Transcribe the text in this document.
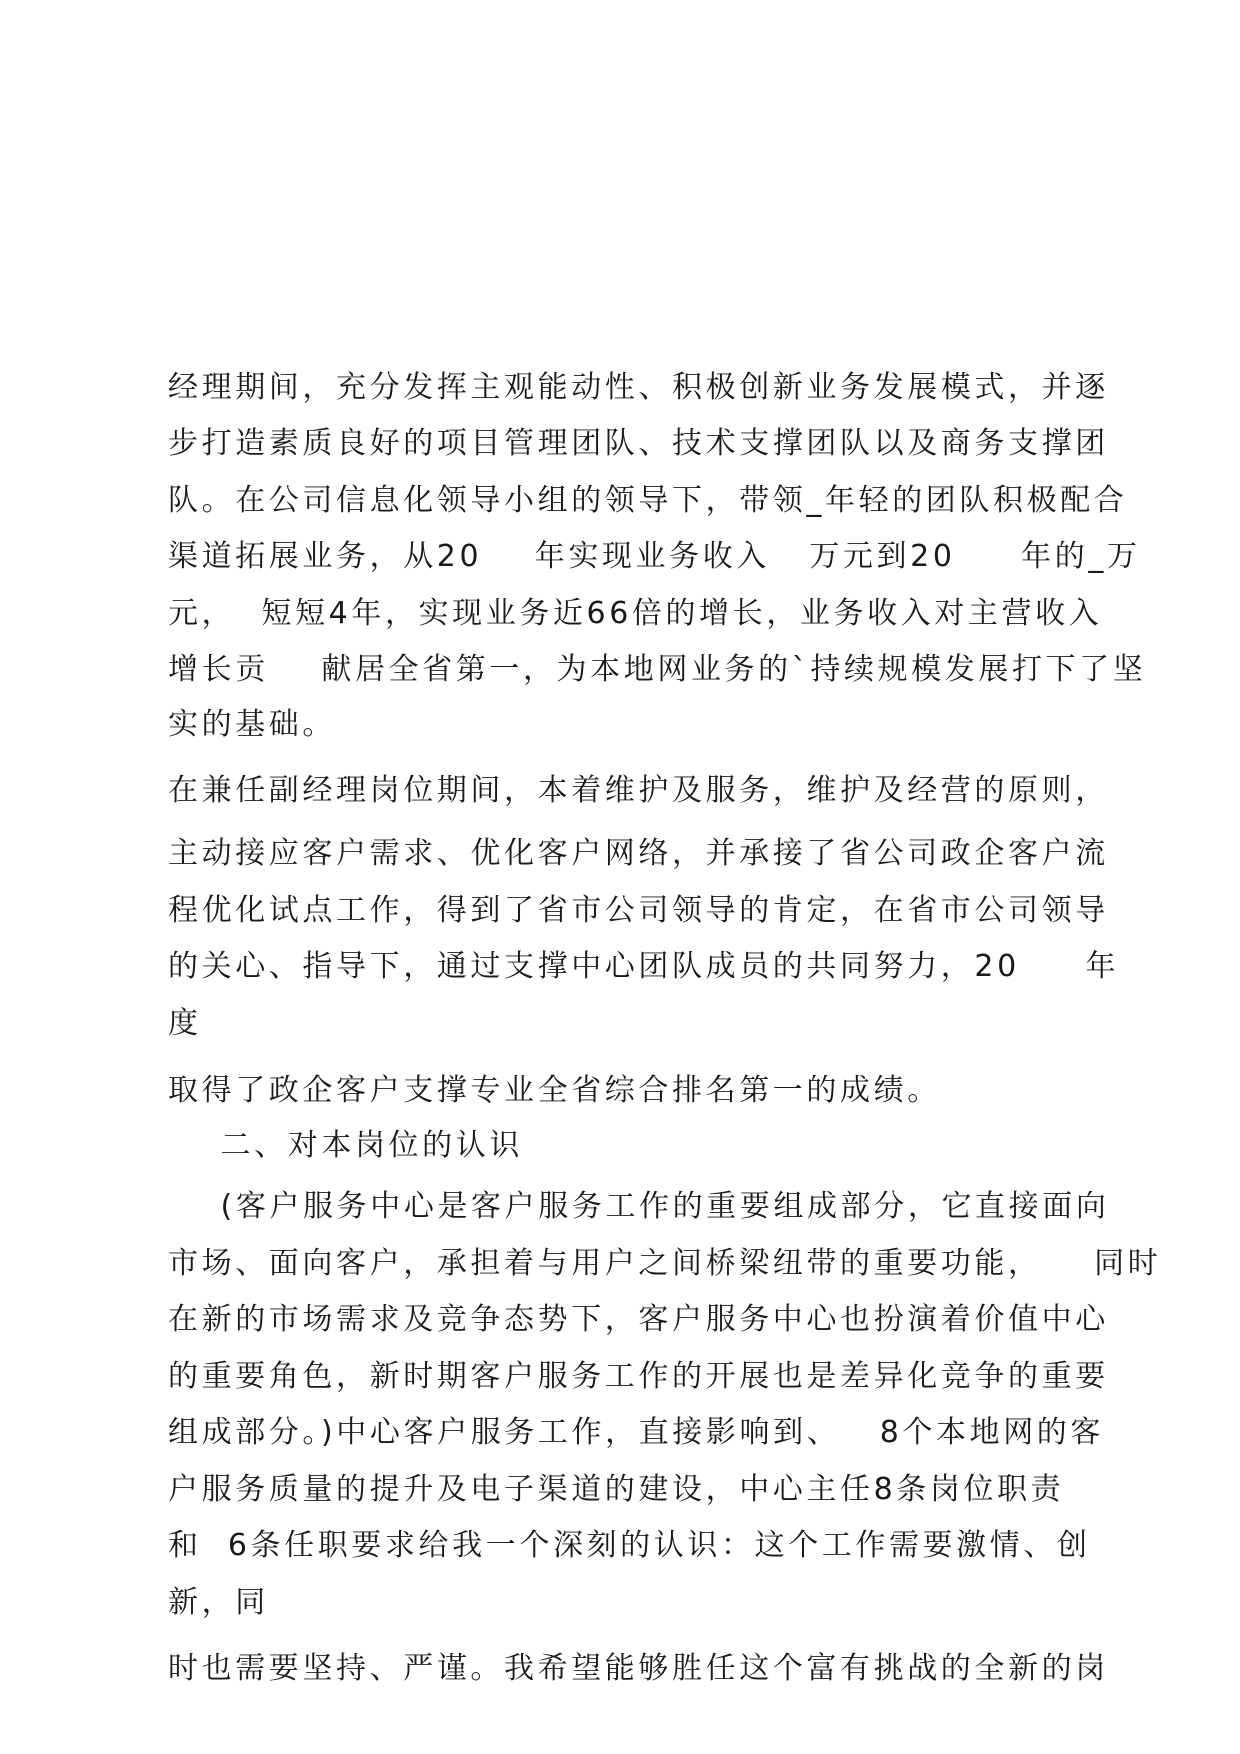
经理期间，充分发挥主观能动性、积极创新业务发展模式，并逐

步打造素质良好的项目管理团队、技术支撑团队以及商务支撑团

队。在公司信息化领导小组的领导下，带领_年轻的团队积极配合

渠道拓展业务，从20    年实现业务收入   万元到20     年的_万

元，  短短4年，实现业务近66倍的增长，业务收入对主营收入

增长贡    献居全省第一，为本地网业务的`持续规模发展打下了坚

实的基础。

在兼任副经理岗位期间，本着维护及服务，维护及经营的原则，

主动接应客户需求、优化客户网络，并承接了省公司政企客户流

程优化试点工作，得到了省市公司领导的肯定，在省市公司领导

的关心、指导下，通过支撑中心团队成员的共同努力，20     年

度

取得了政企客户支撑专业全省综合排名第一的成绩。

二、对本岗位的认识

(客户服务中心是客户服务工作的重要组成部分，它直接面向

市场、面向客户，承担着与用户之间桥梁纽带的重要功能，    同时

在新的市场需求及竞争态势下，客户服务中心也扮演着价值中心

的重要角色，新时期客户服务工作的开展也是差异化竞争的重要

组成部分。)中心客户服务工作，直接影响到、   8个本地网的客

户服务质量的提升及电子渠道的建设，中心主任8条岗位职责

和  6条任职要求给我一个深刻的认识：这个工作需要激情、创

新，同

时也需要坚持、严谨。我希望能够胜任这个富有挑战的全新的岗
